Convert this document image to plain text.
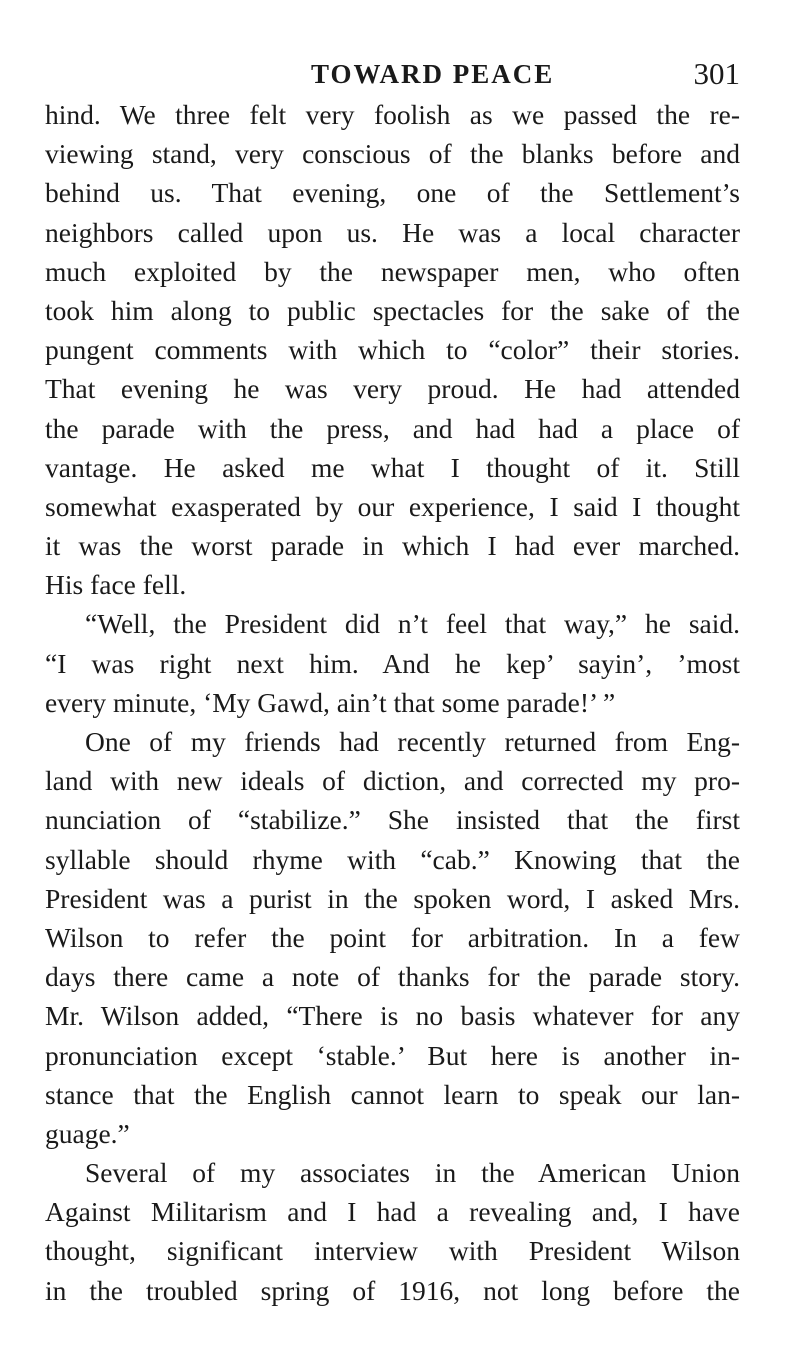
TOWARD PEACE	301
hind. We three felt very foolish as we passed the re-
viewing stand, very conscious of the blanks before and
behind us. That evening, one of the Settlement’s
neighbors called upon us. He was a local character
much exploited by the newspaper men, who often
took him along to public spectacles for the sake of the
pungent comments with which to “color” their stories.
That evening he was very proud. He had attended
the parade with the press, and had had a place of
vantage. He asked me what I thought of it. Still
somewhat exasperated by our experience, I said I thought
it was the worst parade in which I had ever marched.
His face fell.
“Well, the President did n’t feel that way,” he said.
“I was right next him. And he kep’ sayin’, ’most
every minute, ‘My Gawd, ain’t that some parade!’ ”
One of my friends had recently returned from Eng-
land with new ideals of diction, and corrected my pro-
nunciation of “stabilize.” She insisted that the first
syllable should rhyme with “cab.” Knowing that the
President was a purist in the spoken word, I asked Mrs.
Wilson to refer the point for arbitration. In a few
days there came a note of thanks for the parade story.
Mr. Wilson added, “There is no basis whatever for any
pronunciation except ‘stable.’ But here is another in-
stance that the English cannot learn to speak our lan-
guage.”
Several of my associates in the American Union
Against Militarism and I had a revealing and, I have
thought, significant interview with President Wilson
in the troubled spring of 1916, not long before the
